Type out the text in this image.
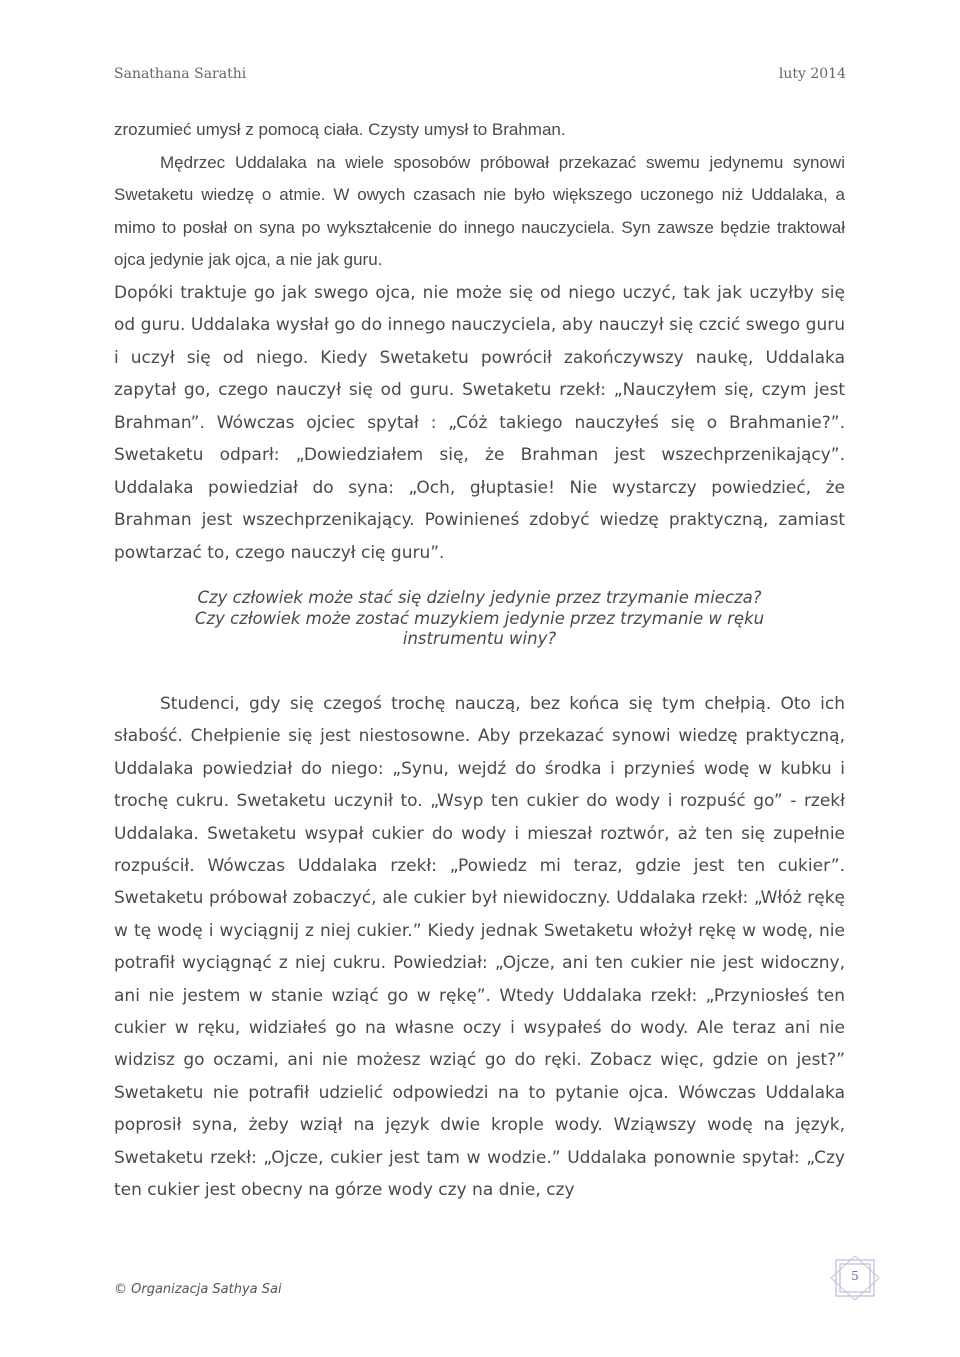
Sanathana Sarathi	luty 2014

zrozumieć umysł z pomocą ciała. Czysty umysł to Brahman.

Mędrzec Uddalaka na wiele sposobów próbował przekazać swemu jedynemu synowi Swetaketu wiedzę o atmie. W owych czasach nie było większego uczonego niż Uddalaka, a mimo to posłał on syna po wykształcenie do innego nauczyciela. Syn zawsze będzie traktował ojca jedynie jak ojca, a nie jak guru.

Dopóki traktuje go jak swego ojca, nie może się od niego uczyć, tak jak uczyłby się od guru. Uddalaka wysłał go do innego nauczyciela, aby nauczył się czcić swego guru i uczył się od niego. Kiedy Swetaketu powrócił zakończywszy naukę, Uddalaka zapytał go, czego nauczył się od guru. Swetaketu rzekł: „Nauczyłem się, czym jest Brahman”. Wówczas ojciec spytał : „Cóż takiego nauczyłeś się o Brahmanie?”. Swetaketu odparł: „Dowiedziałem się, że Brahman jest wszechprzenikający”. Uddalaka powiedział do syna: „Och, głuptasie! Nie wystarczy powiedzieć, że Brahman jest wszechprzenikający. Powinieneś zdobyć wiedzę praktyczną, zamiast powtarzać to, czego nauczył cię guru”.

Czy człowiek może stać się dzielny jedynie przez trzymanie miecza?
Czy człowiek może zostać muzykiem jedynie przez trzymanie w ręku
instrumentu winy?

Studenci, gdy się czegoś trochę nauczą, bez końca się tym chełpią. Oto ich słabość. Chełpienie się jest niestosowne. Aby przekazać synowi wiedzę praktyczną, Uddalaka powiedział do niego: „Synu, wejdź do środka i przynieś wodę w kubku i trochę cukru. Swetaketu uczynił to. „Wsyp ten cukier do wody i rozpuść go” - rzekł Uddalaka. Swetaketu wsypał cukier do wody i mieszał roztwór, aż ten się zupełnie rozpuścił. Wówczas Uddalaka rzekł: „Powiedz mi teraz, gdzie jest ten cukier”. Swetaketu próbował zobaczyć, ale cukier był niewidoczny. Uddalaka rzekł: „Włóż rękę w tę wodę i wyciągnij z niej cukier.” Kiedy jednak Swetaketu włożył rękę w wodę, nie potrafił wyciągnąć z niej cukru. Powiedział: „Ojcze, ani ten cukier nie jest widoczny, ani nie jestem w stanie wziąć go w rękę”. Wtedy Uddalaka rzekł: „Przyniosłeś ten cukier w ręku, widziałeś go na własne oczy i wsypałeś do wody. Ale teraz ani nie widzisz go oczami, ani nie możesz wziąć go do ręki. Zobacz więc, gdzie on jest?” Swetaketu nie potrafił udzielić odpowiedzi na to pytanie ojca. Wówczas Uddalaka poprosił syna, żeby wziął na język dwie krople wody. Wziąwszy wodę na język, Swetaketu rzekł: „Ojcze, cukier jest tam w wodzie.” Uddalaka ponownie spytał: „Czy ten cukier jest obecny na górze wody czy na dnie, czy

© Organizacja Sathya Sai
5
